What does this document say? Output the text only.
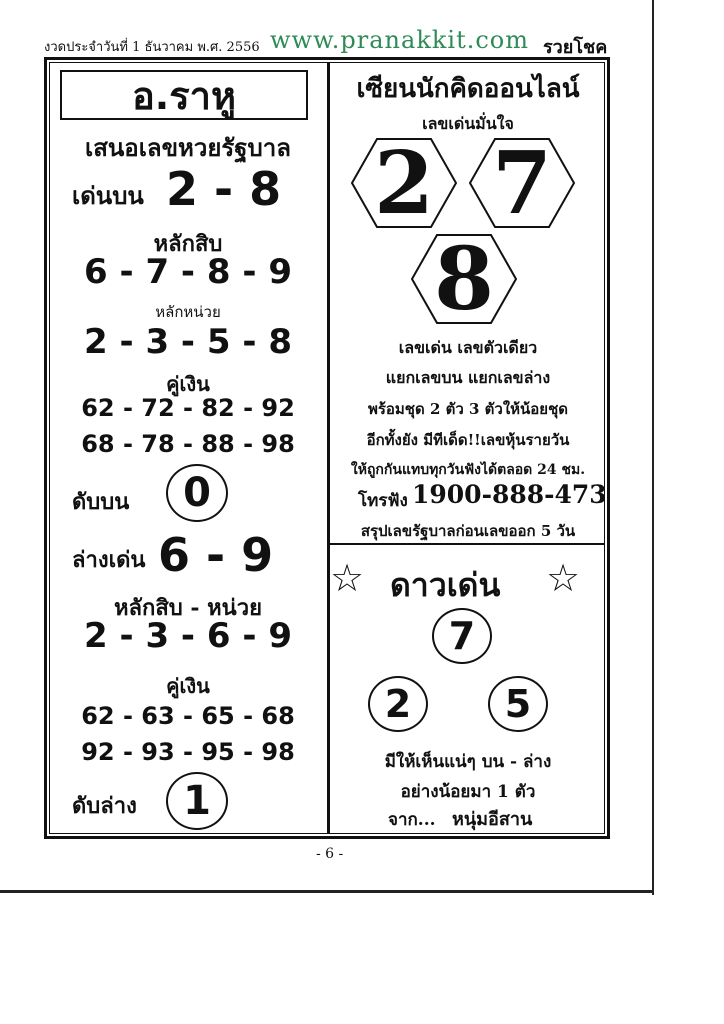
งวดประจำวันที่ 1 ธันวาคม พ.ศ. 2556 www.pranakkit.com รวยโชค
อ.ราหู
เสนอเลขหวยรัฐบาล
เด่นบน 2 - 8
หลักสิบ
6 - 7 - 8 - 9
หลักหน่วย
2 - 3 - 5 - 8
คู่เงิน
62 - 72 - 82 - 92
68 - 78 - 88 - 98
ดับบน	0
ล่างเด่น 6 - 9
หลักสิบ - หน่วย
2 - 3 - 6 - 9
คู่เงิน
62 - 63 - 65 - 68
92 - 93 - 95 - 98
ดับล่าง	1
เซียนนักคิดออนไลน์
เลขเด่นมั่นใจ
2 7
8
เลขเด่น เลขตัวเดียว
แยกเลขบน แยกเลขล่าง
พร้อมชุด 2 ตัว 3 ตัวให้น้อยชุด
อีกทั้งยัง มีทีเด็ด!!เลขหุ้นรายวัน
ให้ถูกกันแทบทุกวันฟังได้ตลอด 24 ชม.
โทรฟัง 1900-888-473
สรุปเลขรัฐบาลก่อนเลขออก 5 วัน
☆ ดาวเด่น ☆
7
2	5
มีให้เห็นแน่ๆ บน - ล่าง
อย่างน้อยมา 1 ตัว
จาก... หนุ่มอีสาน
- 6 -
